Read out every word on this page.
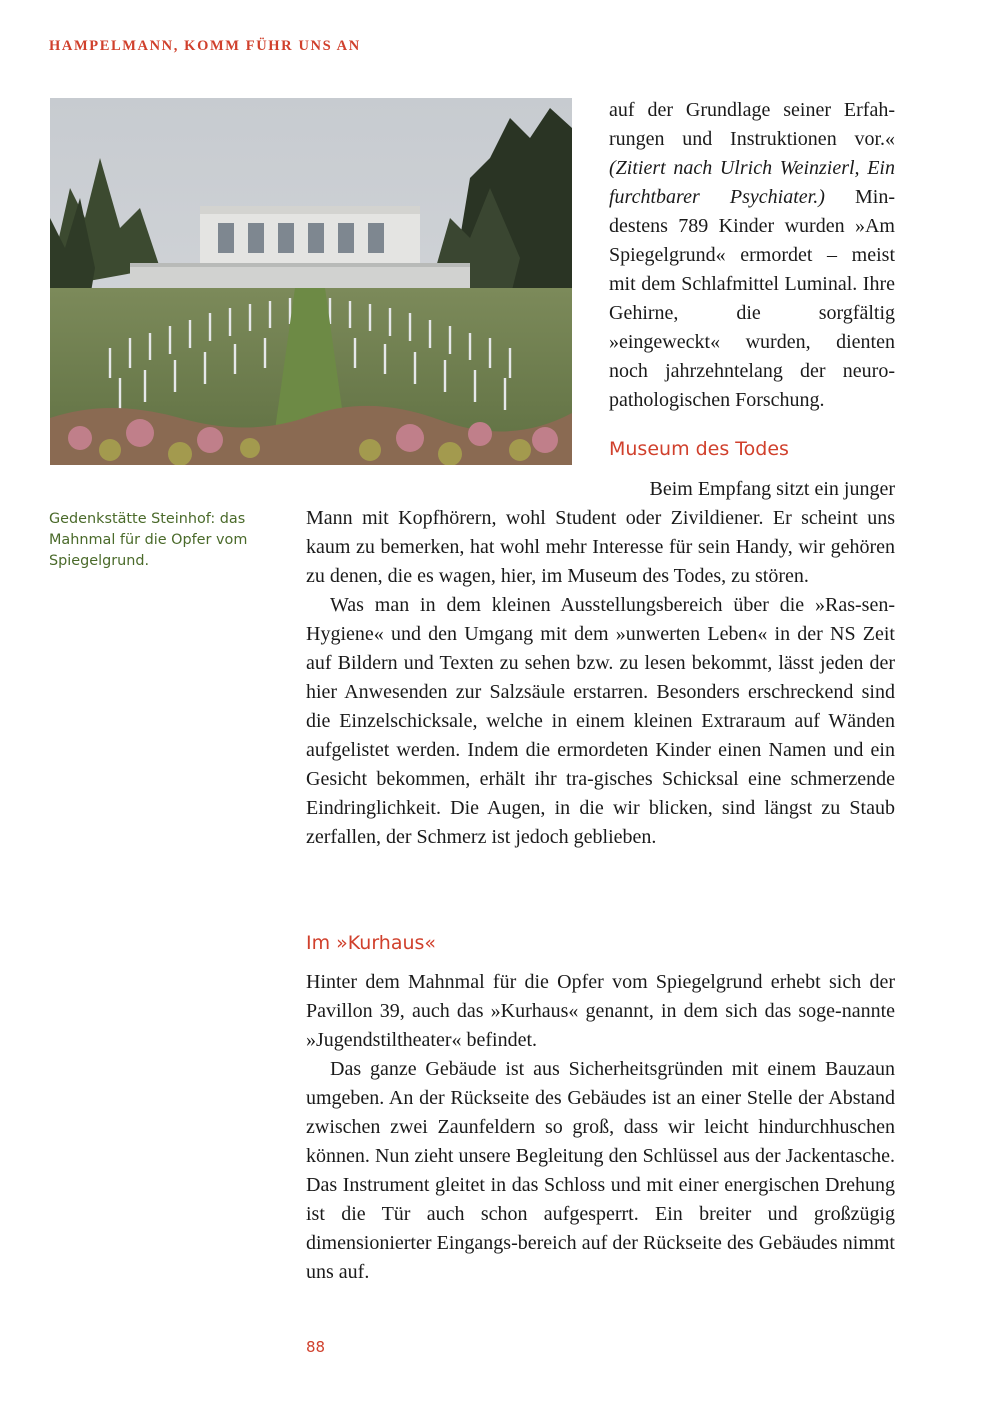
HAMPELMANN, KOMM FÜHR UNS AN
Gedenkstätte Steinhof: das Mahnmal für die Opfer vom Spiegelgrund.

auf der Grundlage seiner Erfah- rungen und Instruktionen vor.« (Zitiert nach Ulrich Weinzierl, Ein furchtbarer Psychiater.) Min-destens 789 Kinder wurden »Am Spiegelgrund« ermordet – meist mit dem Schlafmittel Luminal. Ihre Gehirne, die sorgfältig »eingeweckt« wurden, dienten noch jahrzehntelang der neuro-pathologischen Forschung.

Museum des Todes

Beim Empfang sitzt ein junger

Mann mit Kopfhörern, wohl Student oder Zivildiener. Er scheint uns kaum zu bemerken, hat wohl mehr Interesse für sein Handy, wir gehören zu denen, die es wagen, hier, im Museum des Todes, zu stören.

Was man in dem kleinen Ausstellungsbereich über die »Ras-sen-Hygiene« und den Umgang mit dem »unwerten Leben« in der NS Zeit auf Bildern und Texten zu sehen bzw. zu lesen bekommt, lässt jeden der hier Anwesenden zur Salzsäule erstarren. Besonders erschreckend sind die Einzelschicksale, welche in einem kleinen Extraraum auf Wänden aufgelistet werden. Indem die ermordeten Kinder einen Namen und ein Gesicht bekommen, erhält ihr tra-gisches Schicksal eine schmerzende Eindringlichkeit. Die Augen, in die wir blicken, sind längst zu Staub zerfallen, der Schmerz ist jedoch geblieben.

Im »Kurhaus«

Hinter dem Mahnmal für die Opfer vom Spiegelgrund erhebt sich der Pavillon 39, auch das »Kurhaus« genannt, in dem sich das soge-nannte »Jugendstiltheater« befindet.

Das ganze Gebäude ist aus Sicherheitsgründen mit einem Bauzaun umgeben. An der Rückseite des Gebäudes ist an einer Stelle der Abstand zwischen zwei Zaunfeldern so groß, dass wir leicht hindurchhuschen können. Nun zieht unsere Begleitung den Schlüssel aus der Jackentasche. Das Instrument gleitet in das Schloss und mit einer energischen Drehung ist die Tür auch schon aufgesperrt. Ein breiter und großzügig dimensionierter Eingangs-bereich auf der Rückseite des Gebäudes nimmt uns auf.

88
